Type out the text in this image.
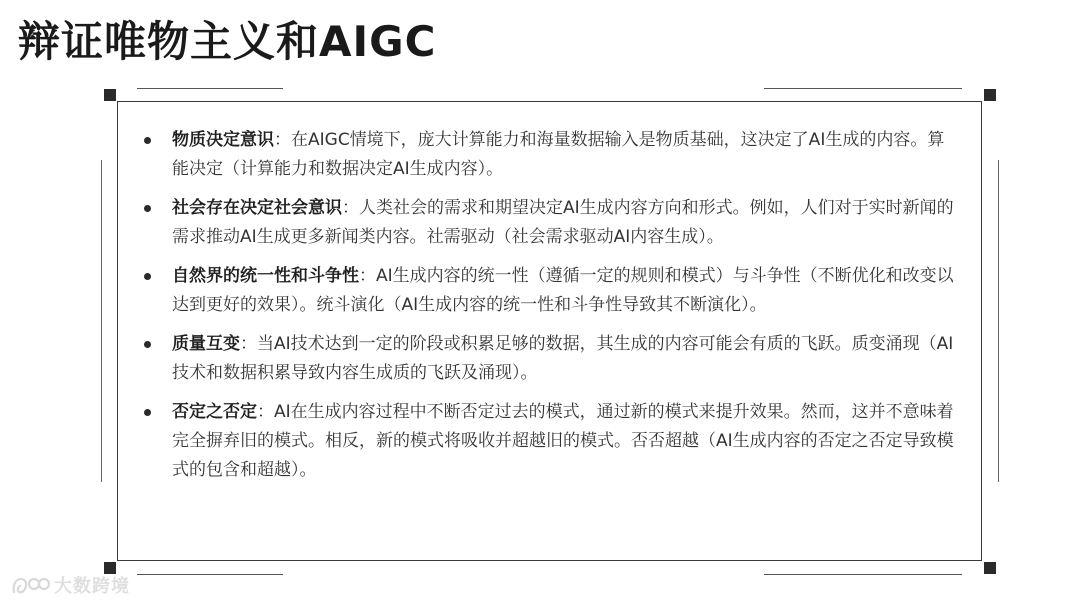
辩证唯物主义和AIGC
物质决定意识：在AIGC情境下，庞大计算能力和海量数据输入是物质基础，这决定了AI生成的内容。算能决定（计算能力和数据决定AI生成内容）。
社会存在决定社会意识：人类社会的需求和期望决定AI生成内容方向和形式。例如，人们对于实时新闻的需求推动AI生成更多新闻类内容。社需驱动（社会需求驱动AI内容生成）。
自然界的统一性和斗争性：AI生成内容的统一性（遵循一定的规则和模式）与斗争性（不断优化和改变以达到更好的效果）。统斗演化（AI生成内容的统一性和斗争性导致其不断演化）。
质量互变：当AI技术达到一定的阶段或积累足够的数据，其生成的内容可能会有质的飞跃。质变涌现（AI技术和数据积累导致内容生成质的飞跃及涌现）。
否定之否定：AI在生成内容过程中不断否定过去的模式，通过新的模式来提升效果。然而，这并不意味着完全摒弃旧的模式。相反，新的模式将吸收并超越旧的模式。否否超越（AI生成内容的否定之否定导致模式的包含和超越）。
大数跨境
